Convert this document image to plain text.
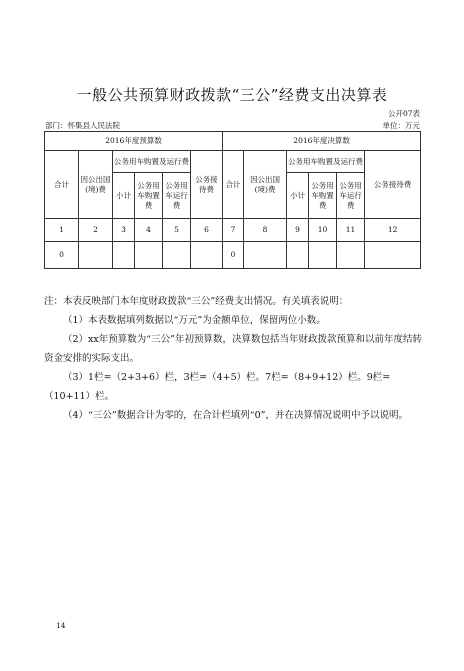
一般公共预算财政拨款“三公”经费支出决算表
公开07表
部门：怀集县人民法院	单位：万元
2016年度预算数						2016年度决算数					
合计	因公出国(境)费	公务用车购置及运行费			公务接待费	合计	因公出国(境)费	公务用车购置及运行费			公务接待费
		小计	公务用车购置费	公务用车运行费				小计	公务用车购置费	公务用车运行费	
1	2	3	4	5	6	7	8	9	10	11	12
0						0					

注：本表反映部门本年度财政拨款“三公”经费支出情况。有关填表说明：

（1）本表数据填列数据以“万元”为金额单位，保留两位小数。

（2）xx年预算数为“三公”年初预算数，决算数包括当年财政拨款预算和以前年度结转资金安排的实际支出。

（3）1栏=（2+3+6）栏，3栏=（4+5）栏。7栏=（8+9+12）栏。9栏=（10+11）栏。

（4）“三公”数据合计为零的，在合计栏填列“0”，并在决算情况说明中予以说明。

14
